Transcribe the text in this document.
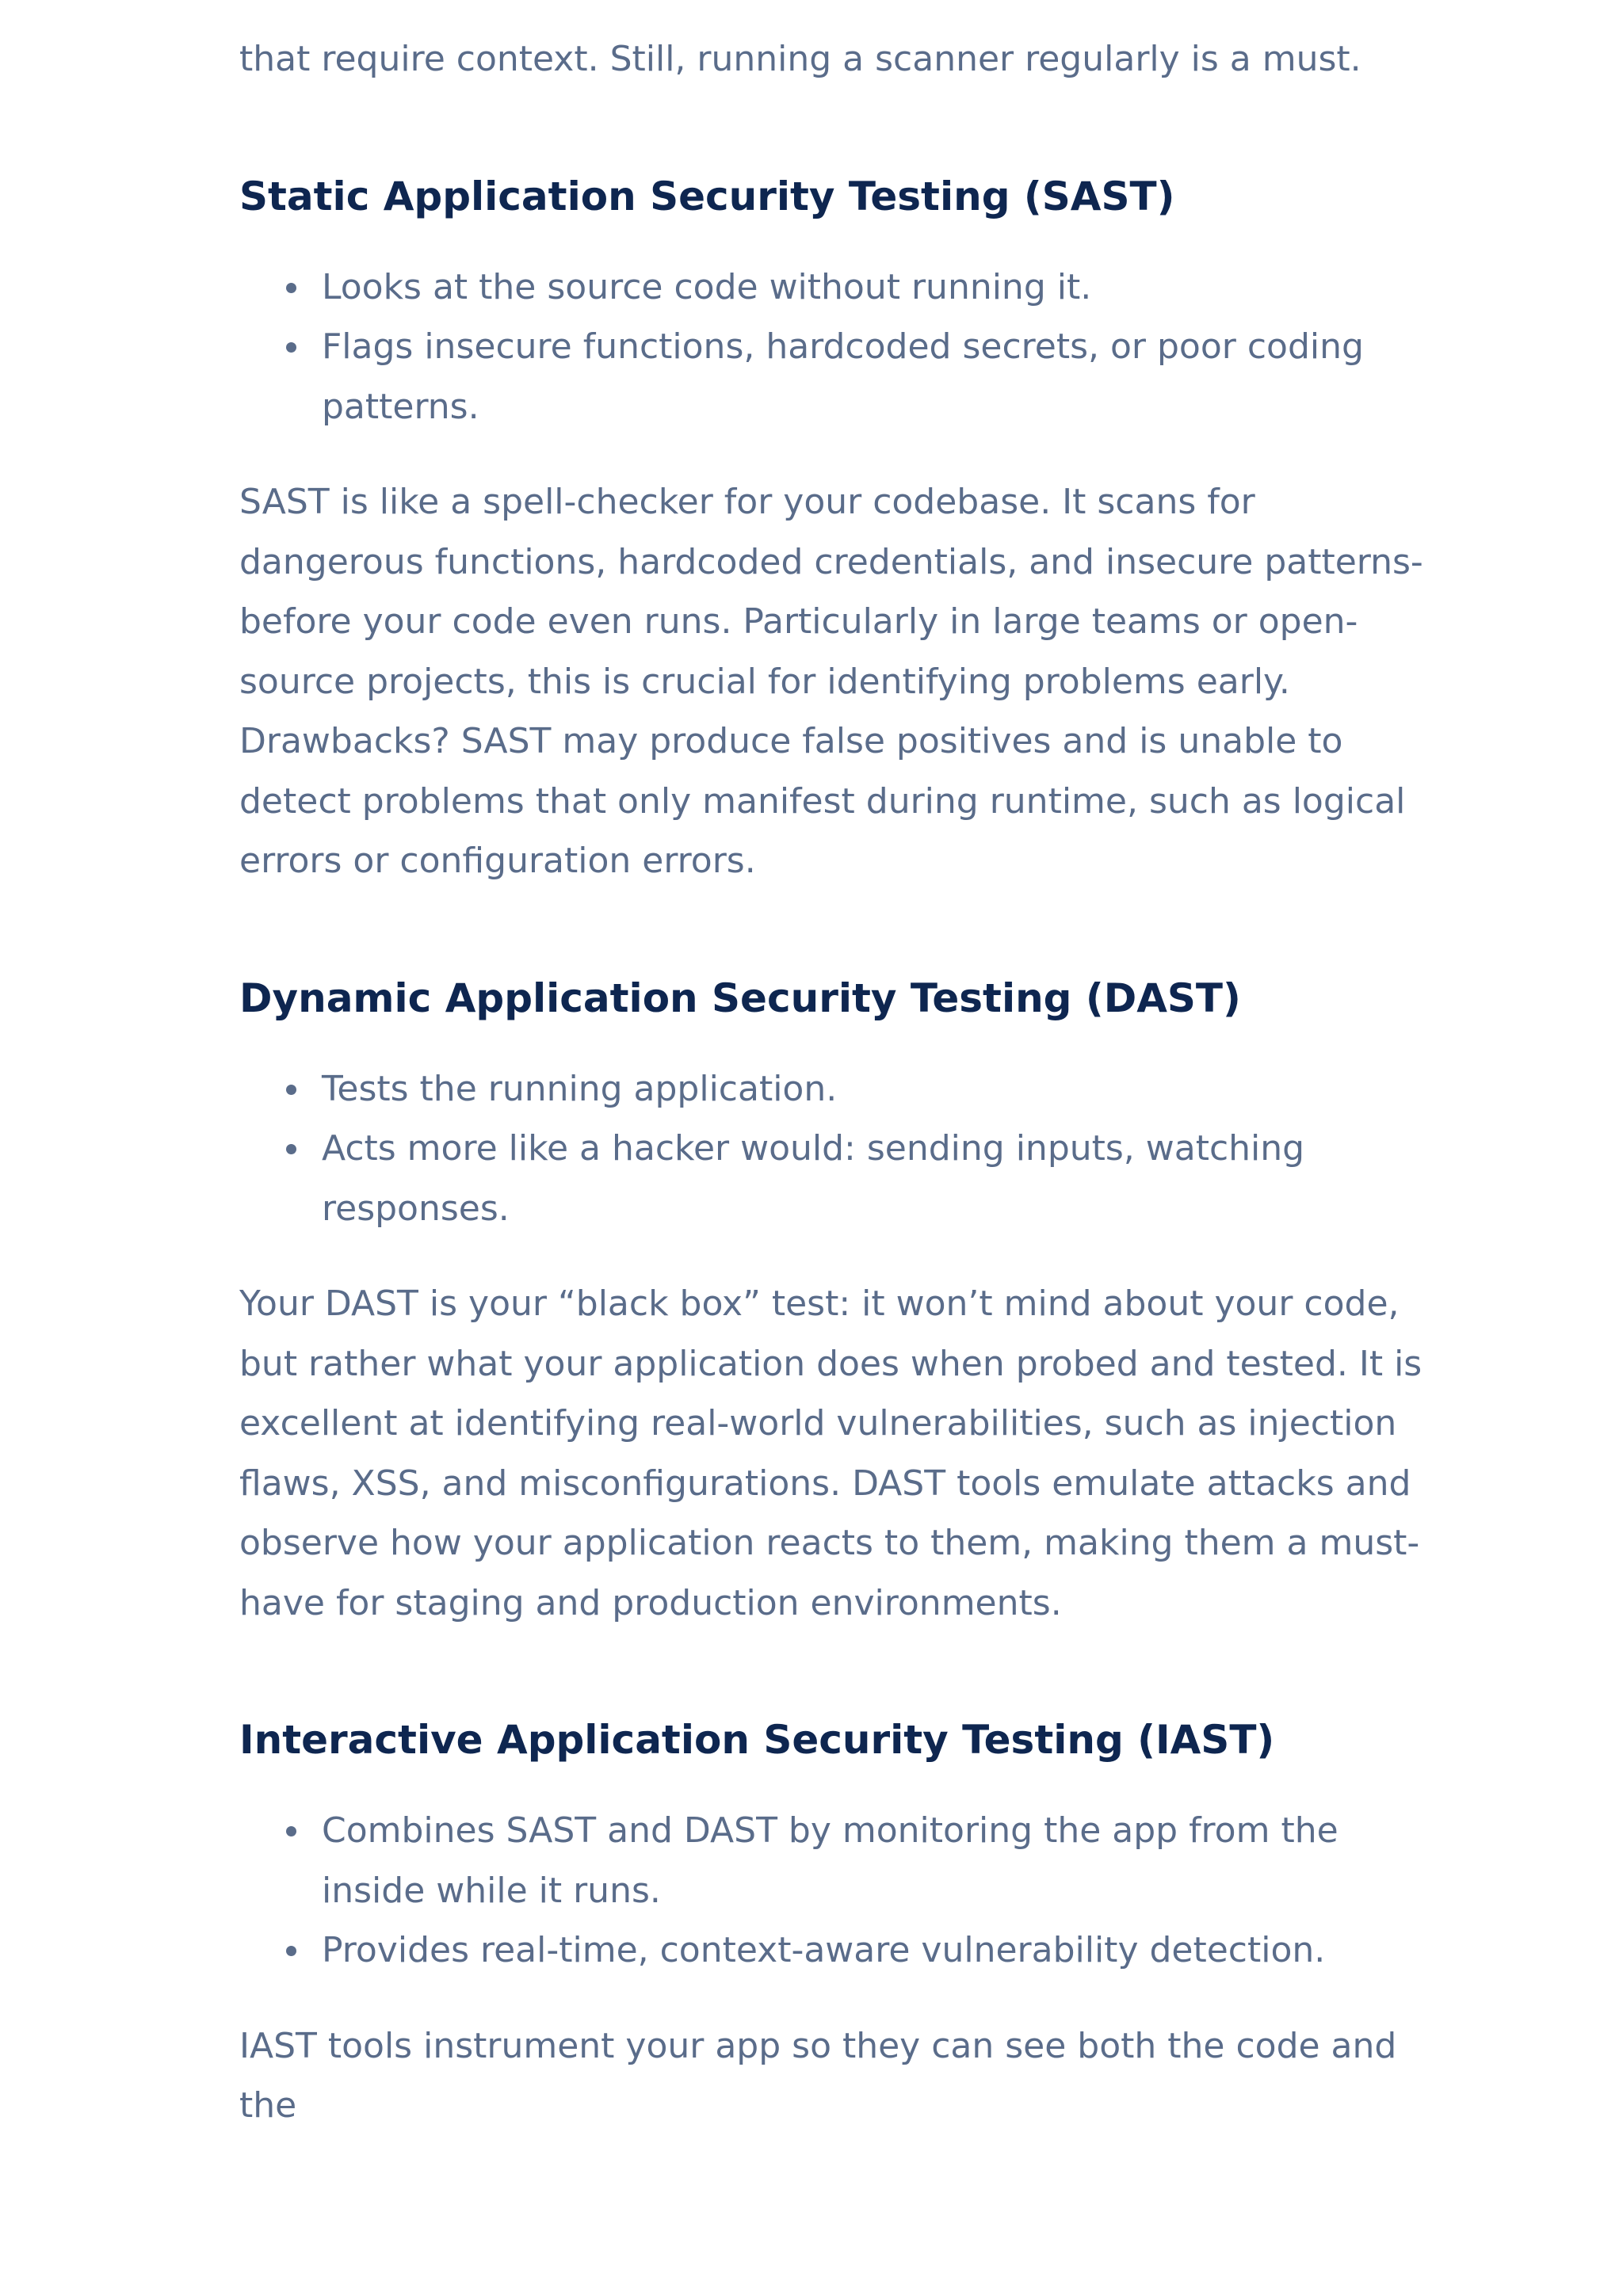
that require context. Still, running a scanner regularly is a must.

Static Application Security Testing (SAST)
Looks at the source code without running it.
Flags insecure functions, hardcoded secrets, or poor coding patterns.

SAST is like a spell-checker for your codebase. It scans for dangerous functions, hardcoded credentials, and insecure patterns-before your code even runs. Particularly in large teams or open-source projects, this is crucial for identifying problems early. Drawbacks? SAST may produce false positives and is unable to detect problems that only manifest during runtime, such as logical errors or configuration errors.

Dynamic Application Security Testing (DAST)
Tests the running application.
Acts more like a hacker would: sending inputs, watching responses.

Your DAST is your “black box” test: it won’t mind about your code, but rather what your application does when probed and tested. It is excellent at identifying real-world vulnerabilities, such as injection flaws, XSS, and misconfigurations. DAST tools emulate attacks and observe how your application reacts to them, making them a must-have for staging and production environments.

Interactive Application Security Testing (IAST)
Combines SAST and DAST by monitoring the app from the inside while it runs.
Provides real-time, context-aware vulnerability detection.

IAST tools instrument your app so they can see both the code and the
